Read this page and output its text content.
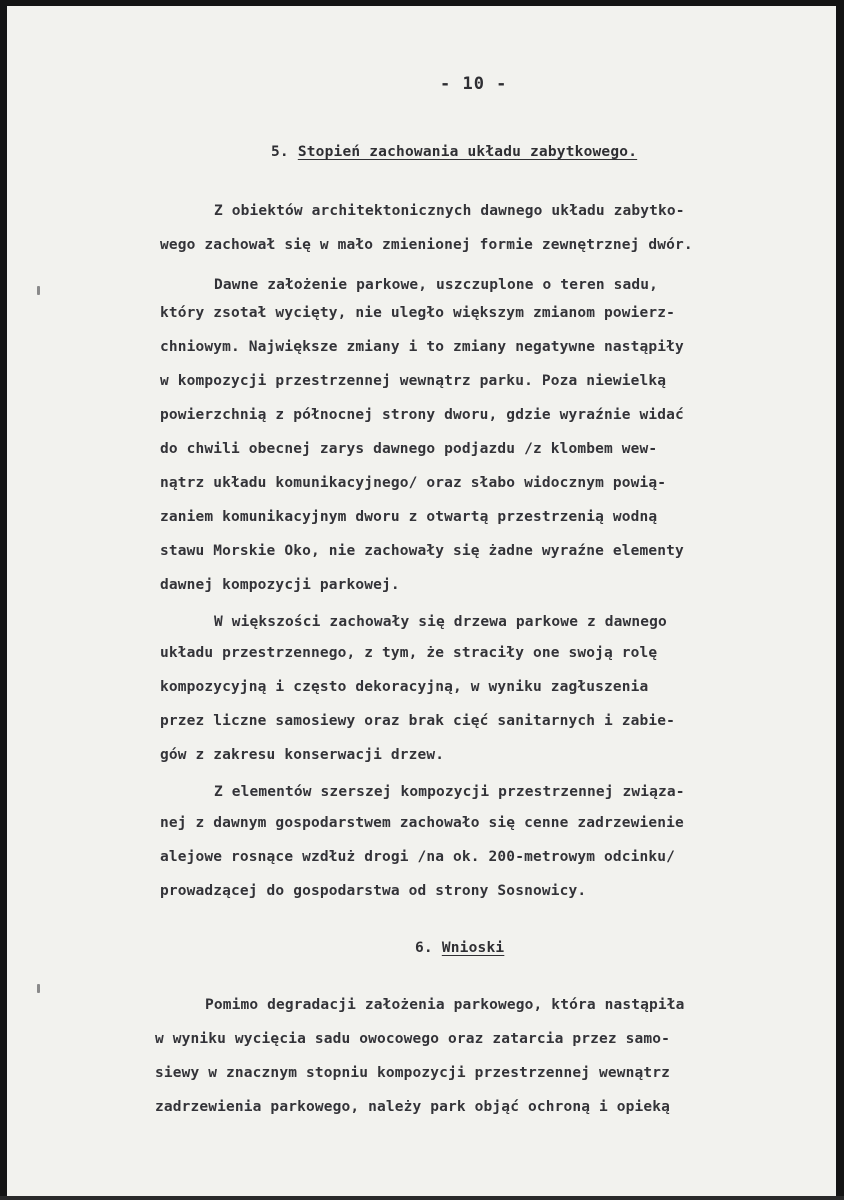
- 10 -
5. Stopień zachowania układu zabytkowego.
Z obiektów architektonicznych dawnego układu zabytko-
wego zachował się w mało zmienionej formie zewnętrznej dwór.
Dawne założenie parkowe, uszczuplone o teren sadu,
który zsotał wycięty, nie uległo większym zmianom powierz-
chniowym. Największe zmiany i to zmiany negatywne nastąpiły
w kompozycji przestrzennej wewnątrz parku. Poza niewielką
powierzchnią z północnej strony dworu, gdzie wyraźnie widać
do chwili obecnej zarys dawnego podjazdu /z klombem wew-
nątrz układu komunikacyjnego/ oraz słabo widocznym powią-
zaniem komunikacyjnym dworu z otwartą przestrzenią wodną
stawu Morskie Oko, nie zachowały się żadne wyraźne elementy
dawnej kompozycji parkowej.
W większości zachowały się drzewa parkowe z dawnego
układu przestrzennego, z tym, że straciły one swoją rolę
kompozycyjną i często dekoracyjną, w wyniku zagłuszenia
przez liczne samosiewy oraz brak cięć sanitarnych i zabie-
gów z zakresu konserwacji drzew.
Z elementów szerszej kompozycji przestrzennej związa-
nej z dawnym gospodarstwem zachowało się cenne zadrzewienie
alejowe rosnące wzdłuż drogi /na ok. 200-metrowym odcinku/
prowadzącej do gospodarstwa od strony Sosnowicy.
6. Wnioski
Pomimo degradacji założenia parkowego, która nastąpiła
w wyniku wycięcia sadu owocowego oraz zatarcia przez samo-
siewy w znacznym stopniu kompozycji przestrzennej wewnątrz
zadrzewienia parkowego, należy park objąć ochroną i opieką
